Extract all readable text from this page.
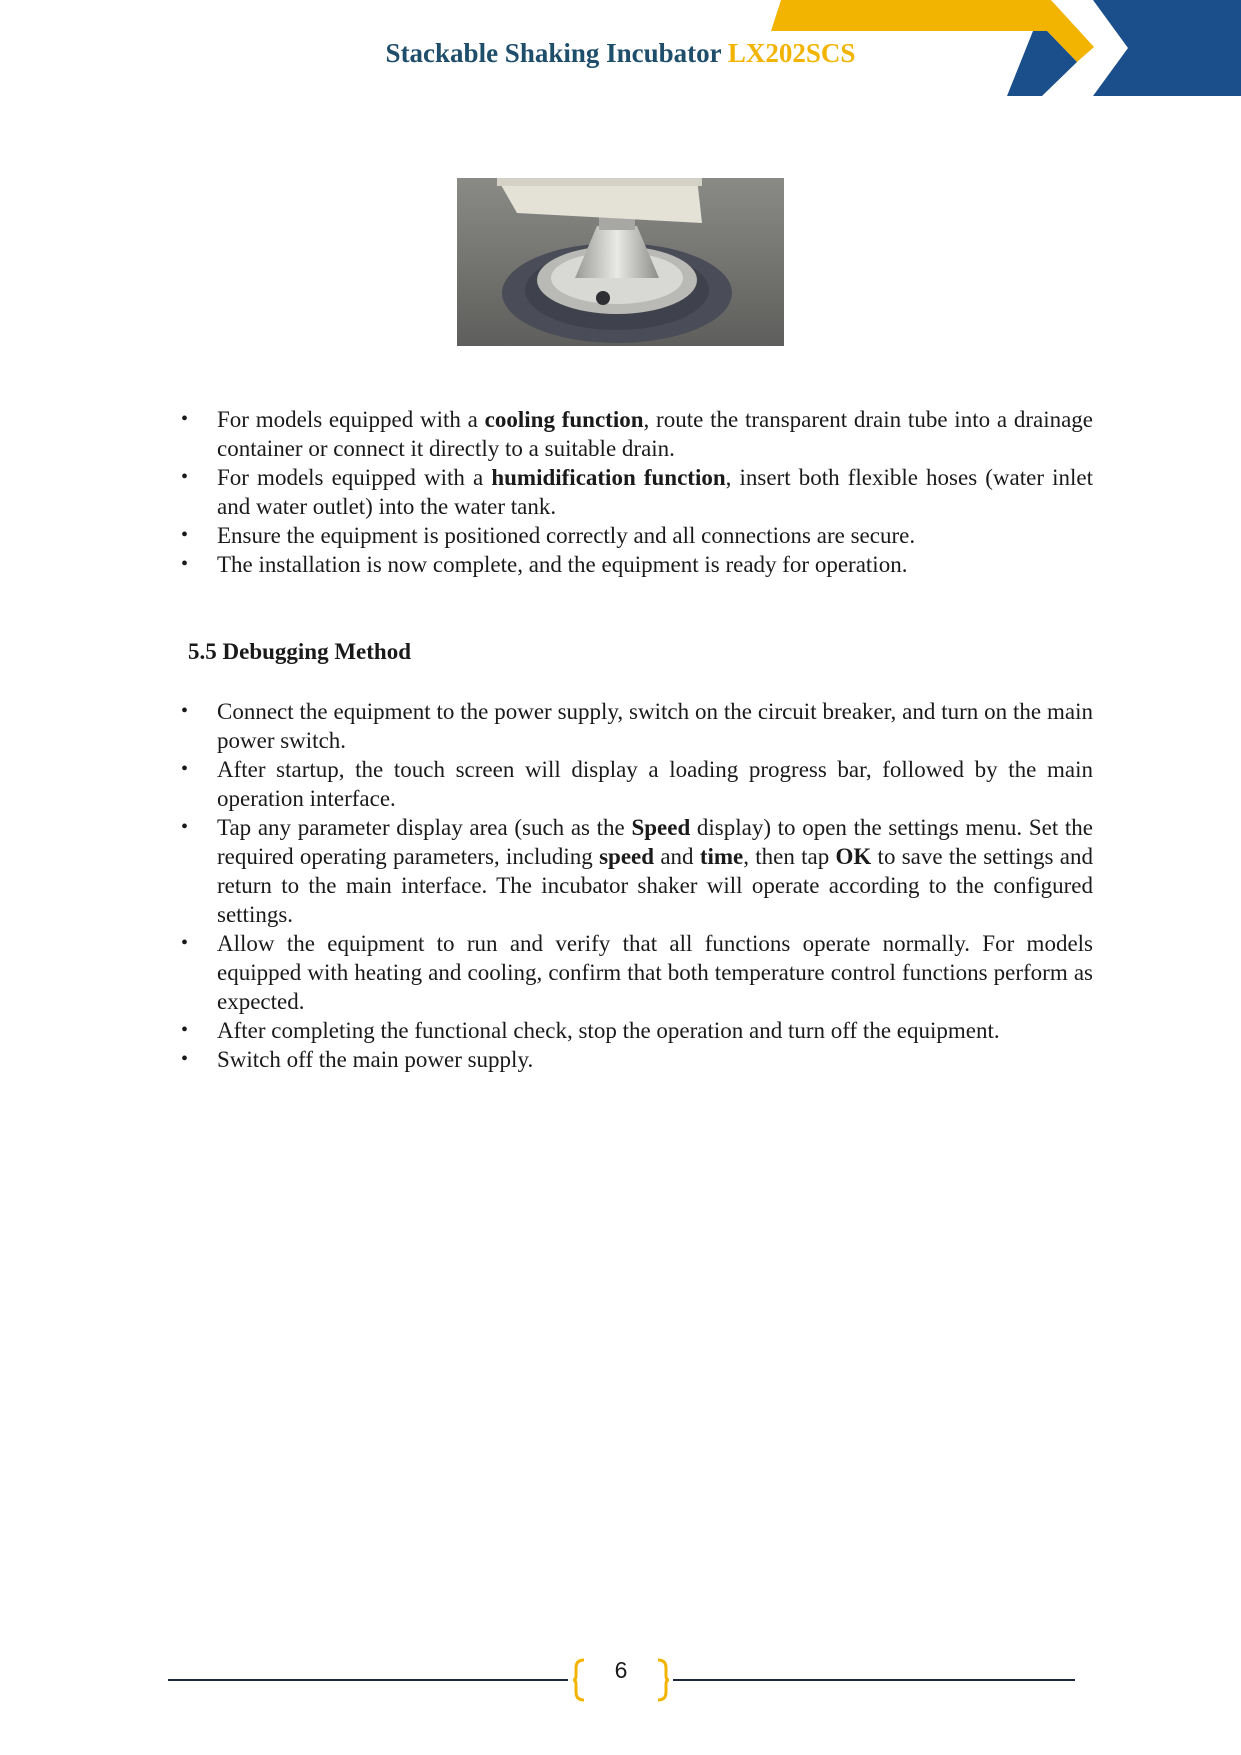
Stackable Shaking Incubator LX202SCS
• For models equipped with a cooling function, route the transparent drain tube into a drainage container or connect it directly to a suitable drain.
• For models equipped with a humidification function, insert both flexible hoses (water inlet and water outlet) into the water tank.
• Ensure the equipment is positioned correctly and all connections are secure.
• The installation is now complete, and the equipment is ready for operation.
5.5 Debugging Method
• Connect the equipment to the power supply, switch on the circuit breaker, and turn on the main power switch.
• After startup, the touch screen will display a loading progress bar, followed by the main operation interface.
• Tap any parameter display area (such as the Speed display) to open the settings menu. Set the required operating parameters, including speed and time, then tap OK to save the settings and return to the main interface. The incubator shaker will operate according to the configured settings.
• Allow the equipment to run and verify that all functions operate normally. For models equipped with heating and cooling, confirm that both temperature control functions perform as expected.
• After completing the functional check, stop the operation and turn off the equipment.
• Switch off the main power supply.
6
